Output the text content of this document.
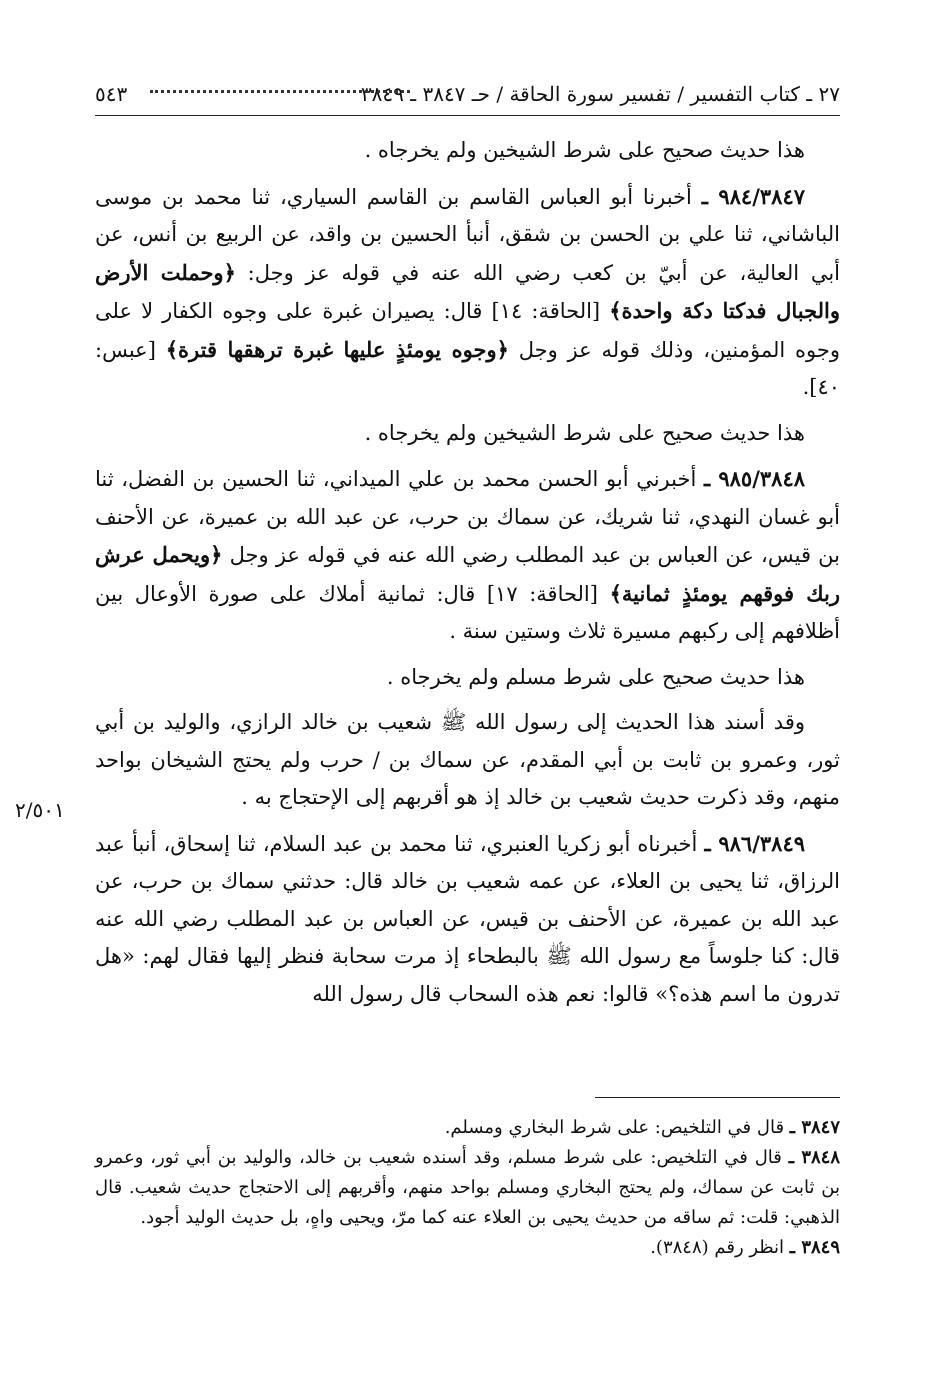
٢٧ ـ كتاب التفسير / تفسير سورة الحاقة / حـ ٣٨٤٧ ـ ٣٨٤٩
٥٤٣
٢/٥٠١

هذا حديث صحيح على شرط الشيخين ولم يخرجاه .

٩٨٤/٣٨٤٧ ـ أخبرنا أبو العباس القاسم بن القاسم السياري، ثنا محمد بن موسى الباشاني، ثنا علي بن الحسن بن شقق، أنبأ الحسين بن واقد، عن الربيع بن أنس، عن أبي العالية، عن أبيّ بن كعب رضي الله عنه في قوله عز وجل: ﴿وحملت الأرض والجبال فدكتا دكة واحدة﴾ [الحاقة: ١٤] قال: يصيران غبرة على وجوه الكفار لا على وجوه المؤمنين، وذلك قوله عز وجل ﴿وجوه يومئذٍ عليها غبرة ترهقها قترة﴾ [عبس: ٤٠].

هذا حديث صحيح على شرط الشيخين ولم يخرجاه .

٩٨٥/٣٨٤٨ ـ أخبرني أبو الحسن محمد بن علي الميداني، ثنا الحسين بن الفضل، ثنا أبو غسان النهدي، ثنا شريك، عن سماك بن حرب، عن عبد الله بن عميرة، عن الأحنف بن قيس، عن العباس بن عبد المطلب رضي الله عنه في قوله عز وجل ﴿ويحمل عرش ربك فوقهم يومئذٍ ثمانية﴾ [الحاقة: ١٧] قال: ثمانية أملاك على صورة الأوعال بين أظلافهم إلى ركبهم مسيرة ثلاث وستين سنة .

هذا حديث صحيح على شرط مسلم ولم يخرجاه .

وقد أسند هذا الحديث إلى رسول الله ﷺ شعيب بن خالد الرازي، والوليد بن أبي ثور، وعمرو بن ثابت بن أبي المقدم، عن سماك بن / حرب ولم يحتج الشيخان بواحد منهم، وقد ذكرت حديث شعيب بن خالد إذ هو أقربهم إلى الإحتجاج به .

٩٨٦/٣٨٤٩ ـ أخبرناه أبو زكريا العنبري، ثنا محمد بن عبد السلام، ثنا إسحاق، أنبأ عبد الرزاق، ثنا يحيى بن العلاء، عن عمه شعيب بن خالد قال: حدثني سماك بن حرب، عن عبد الله بن عميرة، عن الأحنف بن قيس، عن العباس بن عبد المطلب رضي الله عنه قال: كنا جلوساً مع رسول الله ﷺ بالبطحاء إذ مرت سحابة فنظر إليها فقال لهم: «هل تدرون ما اسم هذه؟» قالوا: نعم هذه السحاب قال رسول الله

٣٨٤٧ ـ قال في التلخيص: على شرط البخاري ومسلم.

٣٨٤٨ ـ قال في التلخيص: على شرط مسلم، وقد أسنده شعيب بن خالد، والوليد بن أبي ثور، وعمرو بن ثابت عن سماك، ولم يحتج البخاري ومسلم بواحد منهم، وأقربهم إلى الاحتجاج حديث شعيب. قال الذهبي: قلت: ثم ساقه من حديث يحيى بن العلاء عنه كما مرّ، ويحيى واهٍ، بل حديث الوليد أجود.

٣٨٤٩ ـ انظر رقم (٣٨٤٨).
